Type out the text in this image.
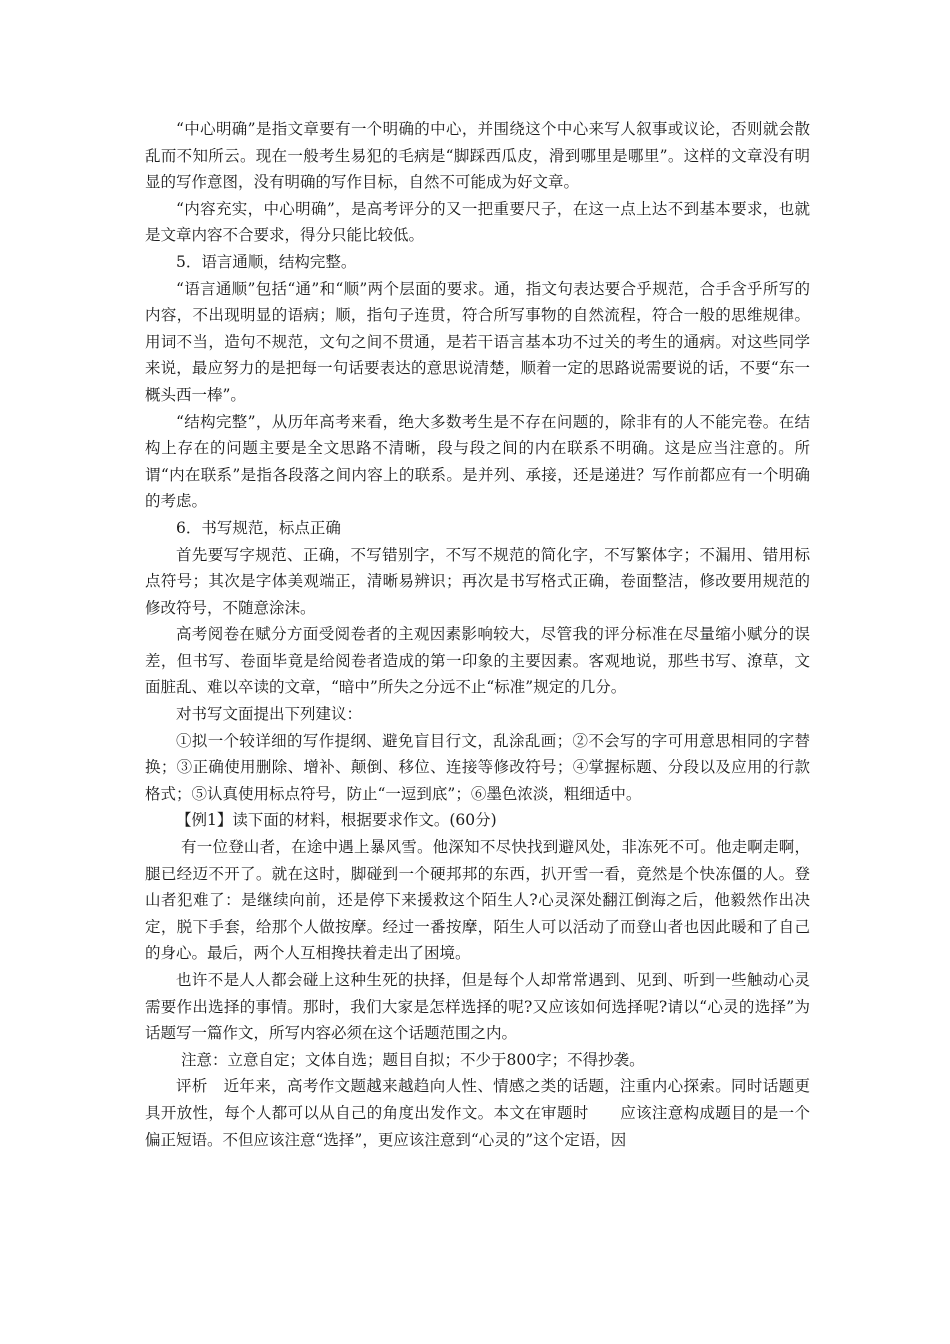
“中心明确”是指文章要有一个明确的中心，并围绕这个中心来写人叙事或议论，否则就会散乱而不知所云。现在一般考生易犯的毛病是“脚踩西瓜皮，滑到哪里是哪里”。这样的文章没有明显的写作意图，没有明确的写作目标，自然不可能成为好文章。

“内容充实，中心明确”，是高考评分的又一把重要尺子，在这一点上达不到基本要求，也就是文章内容不合要求，得分只能比较低。

5．语言通顺，结构完整。

“语言通顺”包括“通”和“顺”两个层面的要求。通，指文句表达要合乎规范，合手含乎所写的内容，不出现明显的语病；顺，指句子连贯，符合所写事物的自然流程，符合一般的思维规律。用词不当，造句不规范，文句之间不贯通，是若干语言基本功不过关的考生的通病。对这些同学来说，最应努力的是把每一句话要表达的意思说清楚，顺着一定的思路说需要说的话，不要“东一概头西一棒”。

“结构完整”，从历年高考来看，绝大多数考生是不存在问题的，除非有的人不能完卷。在结构上存在的问题主要是全文思路不清晰，段与段之间的内在联系不明确。这是应当注意的。所谓“内在联系”是指各段落之间内容上的联系。是并列、承接，还是递进？写作前都应有一个明确的考虑。

6．书写规范，标点正确

首先要写字规范、正确，不写错别字，不写不规范的简化字，不写繁体字；不漏用、错用标点符号；其次是字体美观端正，清晰易辨识；再次是书写格式正确，卷面整洁，修改要用规范的修改符号，不随意涂沫。

高考阅卷在赋分方面受阅卷者的主观因素影响较大，尽管我的评分标准在尽量缩小赋分的误 差，但书写、卷面毕竟是给阅卷者造成的第一印象的主要因素。客观地说，那些书写、潦草，文面脏乱、难以卒读的文章，“暗中”所失之分远不止“标准”规定的几分。

对书写文面提出下列建议：

①拟一个较详细的写作提纲、避免盲目行文，乱涂乱画；②不会写的字可用意思相同的字替换；③正确使用删除、增补、颠倒、移位、连接等修改符号；④掌握标题、分段以及应用的行款格式；⑤认真使用标点符号，防止“一逗到底”；⑥墨色浓淡，粗细适中。

【例1】读下面的材料，根据要求作文。(60分)

有一位登山者，在途中遇上暴风雪。他深知不尽快找到避风处，非冻死不可。他走啊走啊，腿已经迈不开了。就在这时，脚碰到一个硬邦邦的东西，扒开雪一看，竟然是个快冻僵的人。登山者犯难了：是继续向前，还是停下来援救这个陌生人?心灵深处翻江倒海之后，他毅然作出决定，脱下手套，给那个人做按摩。经过一番按摩，陌生人可以活动了而登山者也因此暖和了自己的身心。最后，两个人互相搀扶着走出了困境。

也许不是人人都会碰上这种生死的抉择，但是每个人却常常遇到、见到、听到一些触动心灵需要作出选择的事情。那时，我们大家是怎样选择的呢?又应该如何选择呢?请以“心灵的选择”为话题写一篇作文，所写内容必须在这个话题范围之内。

注意：立意自定；文体自选；题目自拟；不少于800字；不得抄袭。

评析　近年来，高考作文题越来越趋向人性、情感之类的话题，注重内心探索。同时话题更具开放性，每个人都可以从自己的角度出发作文。本文在审题时　　应该注意构成题目的是一个偏正短语。不但应该注意“选择”，更应该注意到“心灵的”这个定语，因
